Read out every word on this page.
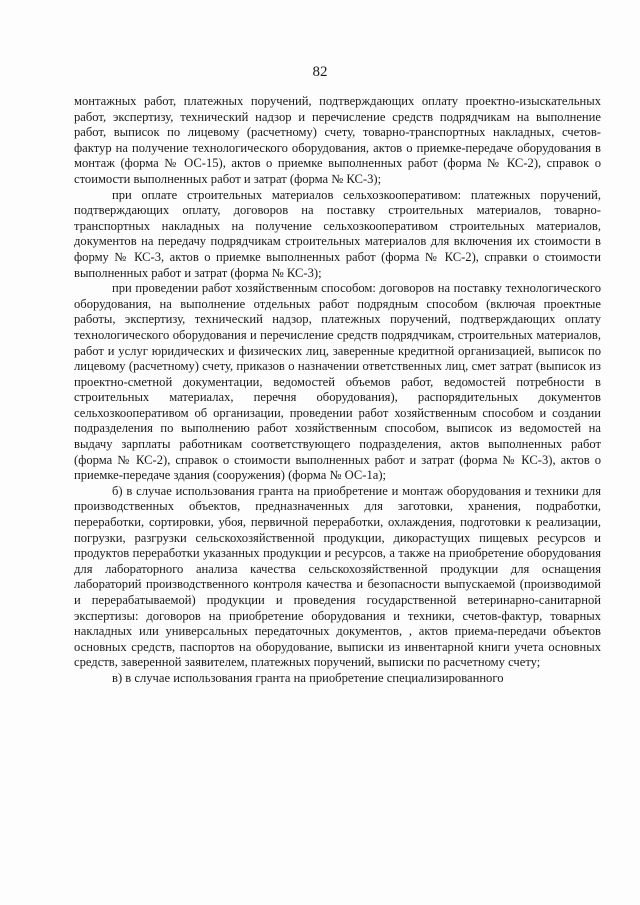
82

монтажных работ, платежных поручений, подтверждающих оплату проектно-изыскательных работ, экспертизу, технический надзор и перечисление средств подрядчикам на выполнение работ, выписок по лицевому (расчетному) счету, товарно-транспортных накладных, счетов-фактур на получение технологического оборудования, актов о приемке-передаче оборудования в монтаж (форма № ОС-15), актов о приемке выполненных работ (форма № КС-2), справок о стоимости выполненных работ и затрат (форма № КС-3);

при оплате строительных материалов сельхозкооперативом: платежных поручений, подтверждающих оплату, договоров на поставку строительных материалов, товарно-транспортных накладных на получение сельхозкооперативом строительных материалов, документов на передачу подрядчикам строительных материалов для включения их стоимости в форму № КС-3, актов о приемке выполненных работ (форма № КС-2), справки о стоимости выполненных работ и затрат (форма № КС-3);

при проведении работ хозяйственным способом: договоров на поставку технологического оборудования, на выполнение отдельных работ подрядным способом (включая проектные работы, экспертизу, технический надзор, платежных поручений, подтверждающих оплату технологического оборудования и перечисление средств подрядчикам, строительных материалов, работ и услуг юридических и физических лиц, заверенные кредитной организацией, выписок по лицевому (расчетному) счету, приказов о назначении ответственных лиц, смет затрат (выписок из проектно-сметной документации, ведомостей объемов работ, ведомостей потребности в строительных материалах, перечня оборудования), распорядительных документов сельхозкооперативом об организации, проведении работ хозяйственным способом и создании подразделения по выполнению работ хозяйственным способом, выписок из ведомостей на выдачу зарплаты работникам соответствующего подразделения, актов выполненных работ (форма № КС-2), справок о стоимости выполненных работ и затрат (форма № КС-3), актов о приемке-передаче здания (сооружения) (форма № ОС-1а);

б) в случае использования гранта на приобретение и монтаж оборудования и техники для производственных объектов, предназначенных для заготовки, хранения, подработки, переработки, сортировки, убоя, первичной переработки, охлаждения, подготовки к реализации, погрузки, разгрузки сельскохозяйственной продукции, дикорастущих пищевых ресурсов и продуктов переработки указанных продукции и ресурсов, а также на приобретение оборудования для лабораторного анализа качества сельскохозяйственной продукции для оснащения лабораторий производственного контроля качества и безопасности выпускаемой (производимой и перерабатываемой) продукции и проведения государственной ветеринарно-санитарной экспертизы: договоров на приобретение оборудования и техники, счетов-фактур, товарных накладных или универсальных передаточных документов, , актов приема-передачи объектов основных средств, паспортов на оборудование, выписки из инвентарной книги учета основных средств, заверенной заявителем, платежных поручений, выписки по расчетному счету;

в) в случае использования гранта на приобретение специализированного
